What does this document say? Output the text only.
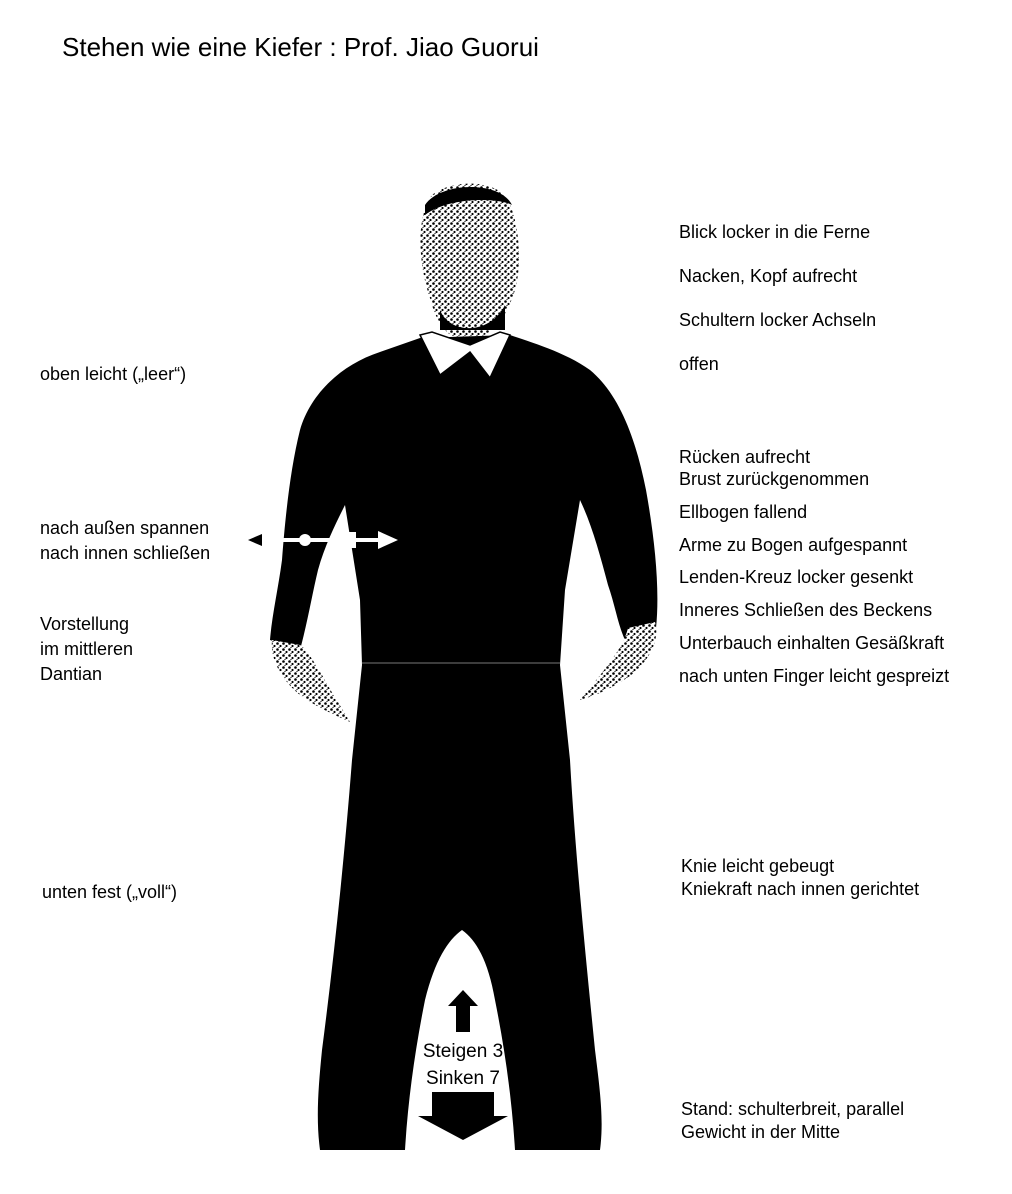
Stehen wie eine Kiefer : Prof. Jiao Guorui
Steigen 3
Sinken 7
oben leicht („leer“)
nach außen spannen
nach innen schließen
Vorstellung
im mittleren
Dantian
unten fest („voll“)
Blick locker in die Ferne
Nacken, Kopf aufrecht
Schultern locker Achseln
offen
Rücken aufrecht
Brust zurückgenommen
Ellbogen fallend
Arme zu Bogen aufgespannt
Lenden-Kreuz locker gesenkt
Inneres Schließen des Beckens
Unterbauch einhalten Gesäßkraft
nach unten Finger leicht gespreizt
Knie leicht gebeugt
Kniekraft nach innen gerichtet
Stand: schulterbreit, parallel
Gewicht in der Mitte
